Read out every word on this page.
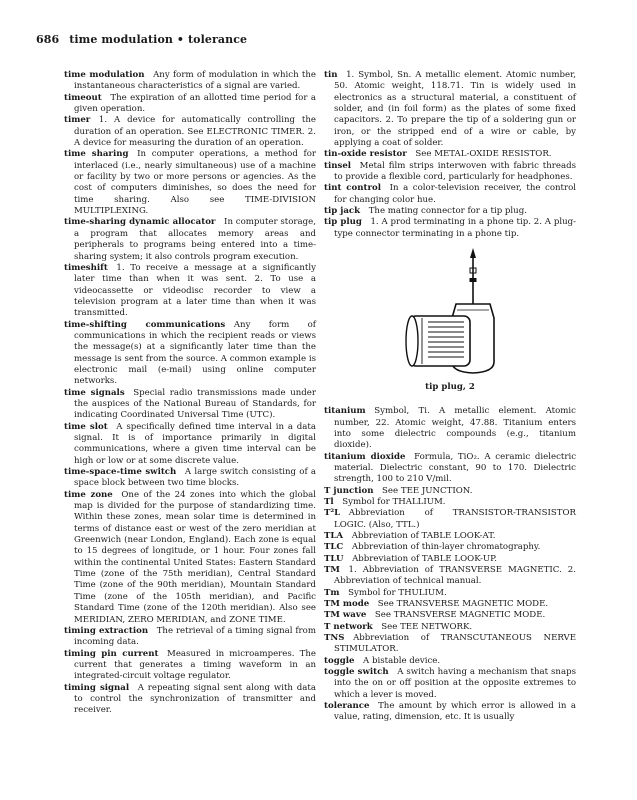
686 time modulation • tolerance

time modulation  Any form of modulation in which the instantaneous characteristics of a signal are varied.

timeout  The expiration of an allotted time period for a given operation.

timer  1. A device for automatically controlling the duration of an operation. See ELECTRONIC TIMER. 2. A device for measuring the duration of an operation.

time sharing  In computer operations, a method for interlaced (i.e., nearly simultaneous) use of a machine or facility by two or more persons or agencies. As the cost of computers diminishes, so does the need for time sharing. Also see TIME-DIVISION MULTIPLEXING.

time-sharing dynamic allocator  In computer storage, a program that allocates memory areas and peripherals to programs being entered into a time-sharing system; it also controls program execution.

timeshift  1. To receive a message at a significantly later time than when it was sent. 2. To use a videocassette or videodisc recorder to view a television program at a later time than when it was transmitted.

time-shifting communications  Any form of communications in which the recipient reads or views the message(s) at a significantly later time than the message is sent from the source. A common example is electronic mail (e-mail) using online computer networks.

time signals  Special radio transmissions made under the auspices of the National Bureau of Standards, for indicating Coordinated Universal Time (UTC).

time slot  A specifically defined time interval in a data signal. It is of importance primarily in digital communications, where a given time interval can be high or low or at some discrete value.

time-space-time switch  A large switch consisting of a space block between two time blocks.

time zone  One of the 24 zones into which the global map is divided for the purpose of standardizing time. Within these zones, mean solar time is determined in terms of distance east or west of the zero meridian at Greenwich (near London, England). Each zone is equal to 15 degrees of longitude, or 1 hour. Four zones fall within the continental United States: Eastern Standard Time (zone of the 75th meridian), Central Standard Time (zone of the 90th meridian), Mountain Standard Time (zone of the 105th meridian), and Pacific Standard Time (zone of the 120th meridian). Also see MERIDIAN, ZERO MERIDIAN, and ZONE TIME.

timing extraction  The retrieval of a timing signal from incoming data.

timing pin current  Measured in microamperes. The current that generates a timing waveform in an integrated-circuit voltage regulator.

timing signal  A repeating signal sent along with data to control the synchronization of transmitter and receiver.

tin  1. Symbol, Sn. A metallic element. Atomic number, 50. Atomic weight, 118.71. Tin is widely used in electronics as a structural material, a constituent of solder, and (in foil form) as the plates of some fixed capacitors. 2. To prepare the tip of a soldering gun or iron, or the stripped end of a wire or cable, by applying a coat of solder.

tin-oxide resistor  See METAL-OXIDE RESISTOR.

tinsel  Metal film strips interwoven with fabric threads to provide a flexible cord, particularly for headphones.

tint control  In a color-television receiver, the control for changing color hue.

tip jack  The mating connector for a tip plug.

tip plug  1. A prod terminating in a phone tip. 2. A plug-type connector terminating in a phone tip.

tip plug, 2

titanium  Symbol, Ti. A metallic element. Atomic number, 22. Atomic weight, 47.88. Titanium enters into some dielectric compounds (e.g., titanium dioxide).

titanium dioxide  Formula, TiO₂. A ceramic dielectric material. Dielectric constant, 90 to 170. Dielectric strength, 100 to 210 V/mil.

T junction  See TEE JUNCTION.

Tl  Symbol for THALLIUM.

T²L  Abbreviation of TRANSISTOR-TRANSISTOR LOGIC. (Also, TTL.)

TLA  Abbreviation of TABLE LOOK-AT.

TLC  Abbreviation of thin-layer chromatography.

TLU  Abbreviation of TABLE LOOK-UP.

TM  1. Abbreviation of TRANSVERSE MAGNETIC. 2. Abbreviation of technical manual.

Tm  Symbol for THULIUM.

TM mode  See TRANSVERSE MAGNETIC MODE.

TM wave  See TRANSVERSE MAGNETIC MODE.

T network  See TEE NETWORK.

TNS  Abbreviation of TRANSCUTANEOUS NERVE STIMULATOR.

toggle  A bistable device.

toggle switch  A switch having a mechanism that snaps into the on or off position at the opposite extremes to which a lever is moved.

tolerance  The amount by which error is allowed in a value, rating, dimension, etc. It is usually
